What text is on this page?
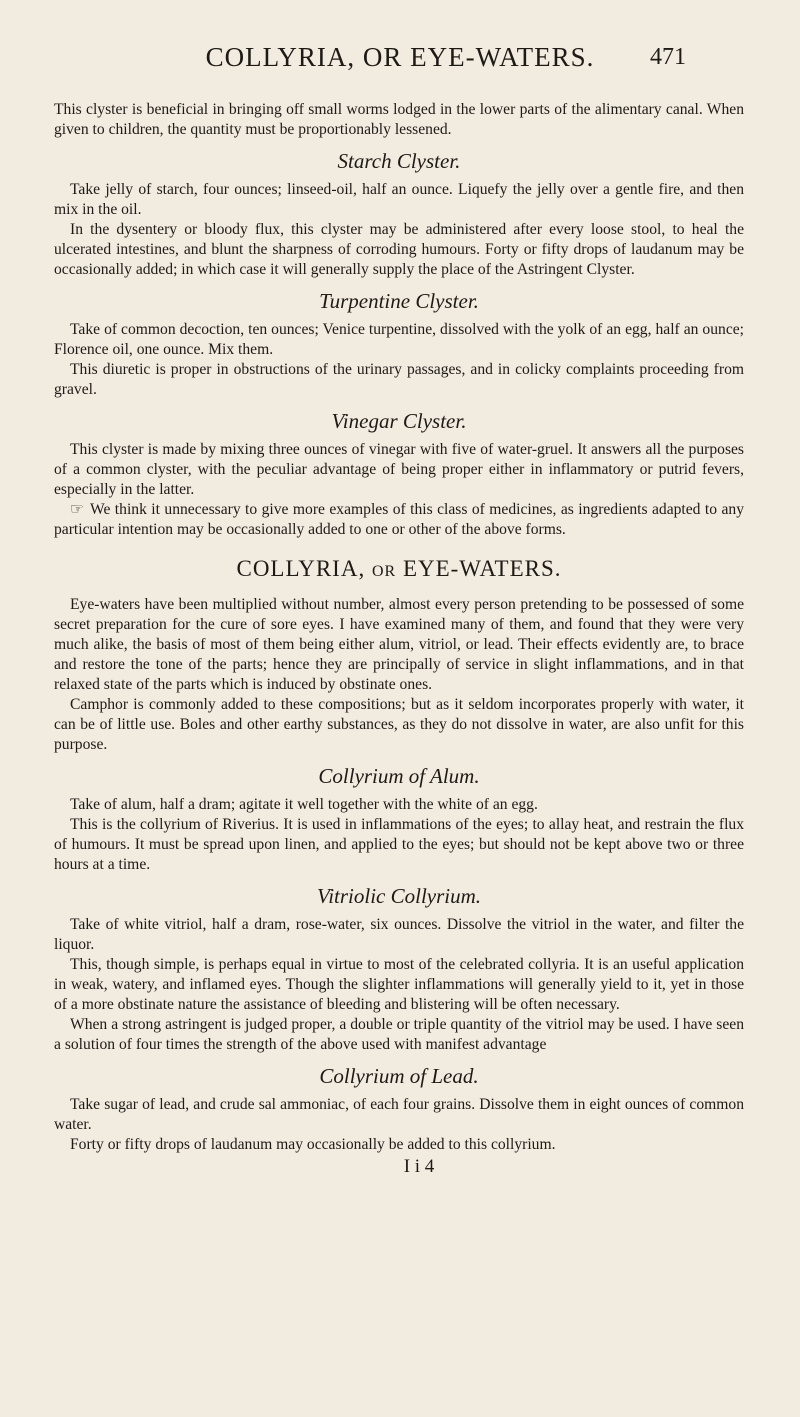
COLLYRIA, OR EYE-WATERS.	471

This clyster is beneficial in bringing off small worms lodged in the lower parts of the alimentary canal. When given to children, the quantity must be proportionably lessened.

Starch Clyster.

Take jelly of starch, four ounces; linseed-oil, half an ounce. Liquefy the jelly over a gentle fire, and then mix in the oil.

In the dysentery or bloody flux, this clyster may be administered after every loose stool, to heal the ulcerated intestines, and blunt the sharpness of corroding humours. Forty or fifty drops of laudanum may be occasionally added; in which case it will generally supply the place of the Astringent Clyster.

Turpentine Clyster.

Take of common decoction, ten ounces; Venice turpentine, dissolved with the yolk of an egg, half an ounce; Florence oil, one ounce. Mix them.

This diuretic is proper in obstructions of the urinary passages, and in colicky complaints proceeding from gravel.

Vinegar Clyster.

This clyster is made by mixing three ounces of vinegar with five of water-gruel. It answers all the purposes of a common clyster, with the peculiar advantage of being proper either in inflammatory or putrid fevers, especially in the latter.

☞ We think it unnecessary to give more examples of this class of medicines, as ingredients adapted to any particular intention may be occasionally added to one or other of the above forms.

COLLYRIA, OR EYE-WATERS.

Eye-waters have been multiplied without number, almost every person pretending to be possessed of some secret preparation for the cure of sore eyes. I have examined many of them, and found that they were very much alike, the basis of most of them being either alum, vitriol, or lead. Their effects evidently are, to brace and restore the tone of the parts; hence they are principally of service in slight inflammations, and in that relaxed state of the parts which is induced by obstinate ones.

Camphor is commonly added to these compositions; but as it seldom incorporates properly with water, it can be of little use. Boles and other earthy substances, as they do not dissolve in water, are also unfit for this purpose.

Collyrium of Alum.

Take of alum, half a dram; agitate it well together with the white of an egg.

This is the collyrium of Riverius. It is used in inflammations of the eyes; to allay heat, and restrain the flux of humours. It must be spread upon linen, and applied to the eyes; but should not be kept above two or three hours at a time.

Vitriolic Collyrium.

Take of white vitriol, half a dram, rose-water, six ounces. Dissolve the vitriol in the water, and filter the liquor.

This, though simple, is perhaps equal in virtue to most of the celebrated collyria. It is an useful application in weak, watery, and inflamed eyes. Though the slighter inflammations will generally yield to it, yet in those of a more obstinate nature the assistance of bleeding and blistering will be often necessary.

When a strong astringent is judged proper, a double or triple quantity of the vitriol may be used. I have seen a solution of four times the strength of the above used with manifest advantage

Collyrium of Lead.

Take sugar of lead, and crude sal ammoniac, of each four grains. Dissolve them in eight ounces of common water.

Forty or fifty drops of laudanum may occasionally be added to this collyrium.

I i 4
